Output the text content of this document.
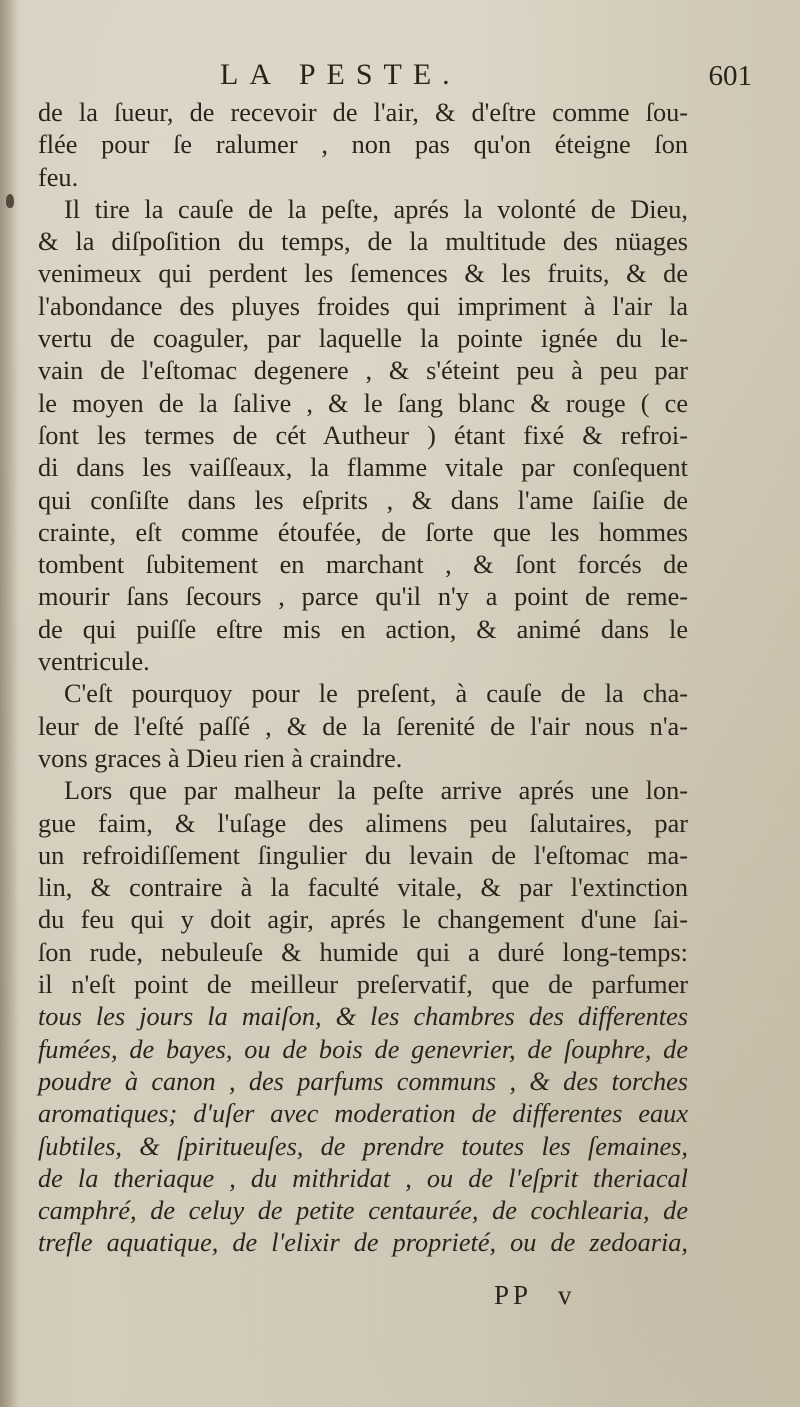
LA PESTE.	601
de la ſueur, de recevoir de l'air, & d'eſtre comme ſou-
flée pour ſe ralumer , non pas qu'on éteigne ſon
feu.
Il tire la cauſe de la peſte, aprés la volonté de Dieu,
& la diſpoſition du temps, de la multitude des nüages
venimeux qui perdent les ſemences & les fruits, & de
l'abondance des pluyes froides qui impriment à l'air la
vertu de coaguler, par laquelle la pointe ignée du le-
vain de l'eſtomac degenere , & s'éteint peu à peu par
le moyen de la ſalive , & le ſang blanc & rouge ( ce
ſont les termes de cét Autheur ) étant fixé & refroi-
di dans les vaiſſeaux, la flamme vitale par conſequent
qui conſiſte dans les eſprits , & dans l'ame ſaiſie de
crainte, eſt comme étoufée, de ſorte que les hommes
tombent ſubitement en marchant , & ſont forcés de
mourir ſans ſecours , parce qu'il n'y a point de reme-
de qui puiſſe eſtre mis en action, & animé dans le
ventricule.
C'eſt pourquoy pour le preſent, à cauſe de la cha-
leur de l'eſté paſſé , & de la ſerenité de l'air nous n'a-
vons graces à Dieu rien à craindre.
Lors que par malheur la peſte arrive aprés une lon-
gue faim, & l'uſage des alimens peu ſalutaires, par
un refroidiſſement ſingulier du levain de l'eſtomac ma-
lin, & contraire à la faculté vitale, & par l'extinction
du feu qui y doit agir, aprés le changement d'une ſai-
ſon rude, nebuleuſe & humide qui a duré long-temps:
il n'eſt point de meilleur preſervatif, que de parfumer
tous les jours la maiſon, & les chambres des differentes
fumées, de bayes, ou de bois de genevrier, de ſouphre, de
poudre à canon , des parfums communs , & des torches
aromatiques; d'uſer avec moderation de differentes eaux
ſubtiles, & ſpiritueuſes, de prendre toutes les ſemaines,
de la theriaque , du mithridat , ou de l'eſprit theriacal
camphré, de celuy de petite centaurée, de cochlearia, de
trefle aquatique, de l'elixir de proprieté, ou de zedoaria,
PP v
